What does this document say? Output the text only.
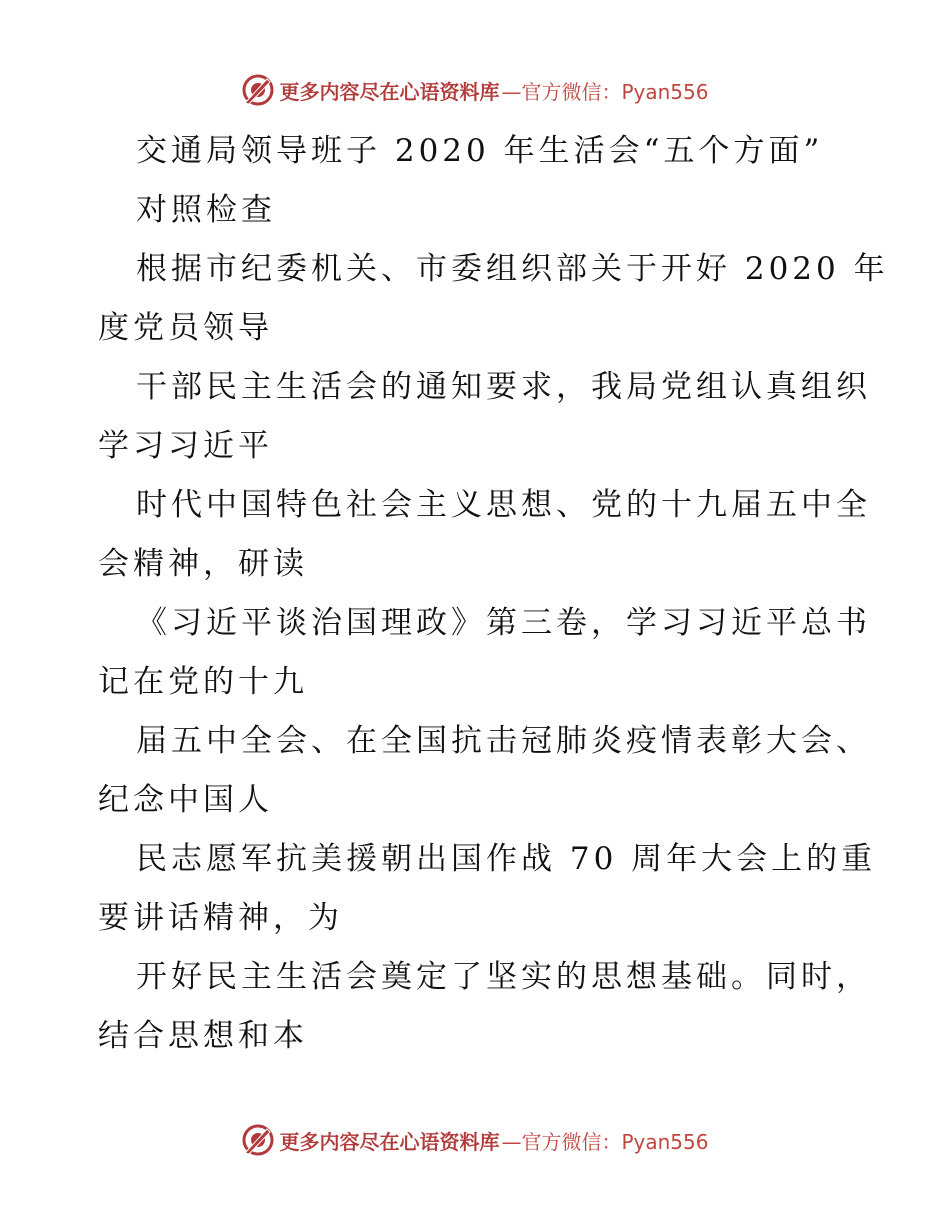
更多内容尽在心语资料库 —官方微信：Pyan556
交通局领导班子 2020 年生活会“五个方面”
对照检查
根据市纪委机关、市委组织部关于开好 2020 年
度党员领导
干部民主生活会的通知要求，我局党组认真组织
学习习近平
时代中国特色社会主义思想、党的十九届五中全
会精神，研读
《习近平谈治国理政》第三卷，学习习近平总书
记在党的十九
届五中全会、在全国抗击冠肺炎疫情表彰大会、
纪念中国人
民志愿军抗美援朝出国作战 70 周年大会上的重
要讲话精神，为
开好民主生活会奠定了坚实的思想基础。同时，
结合思想和本
更多内容尽在心语资料库 —官方微信：Pyan556
